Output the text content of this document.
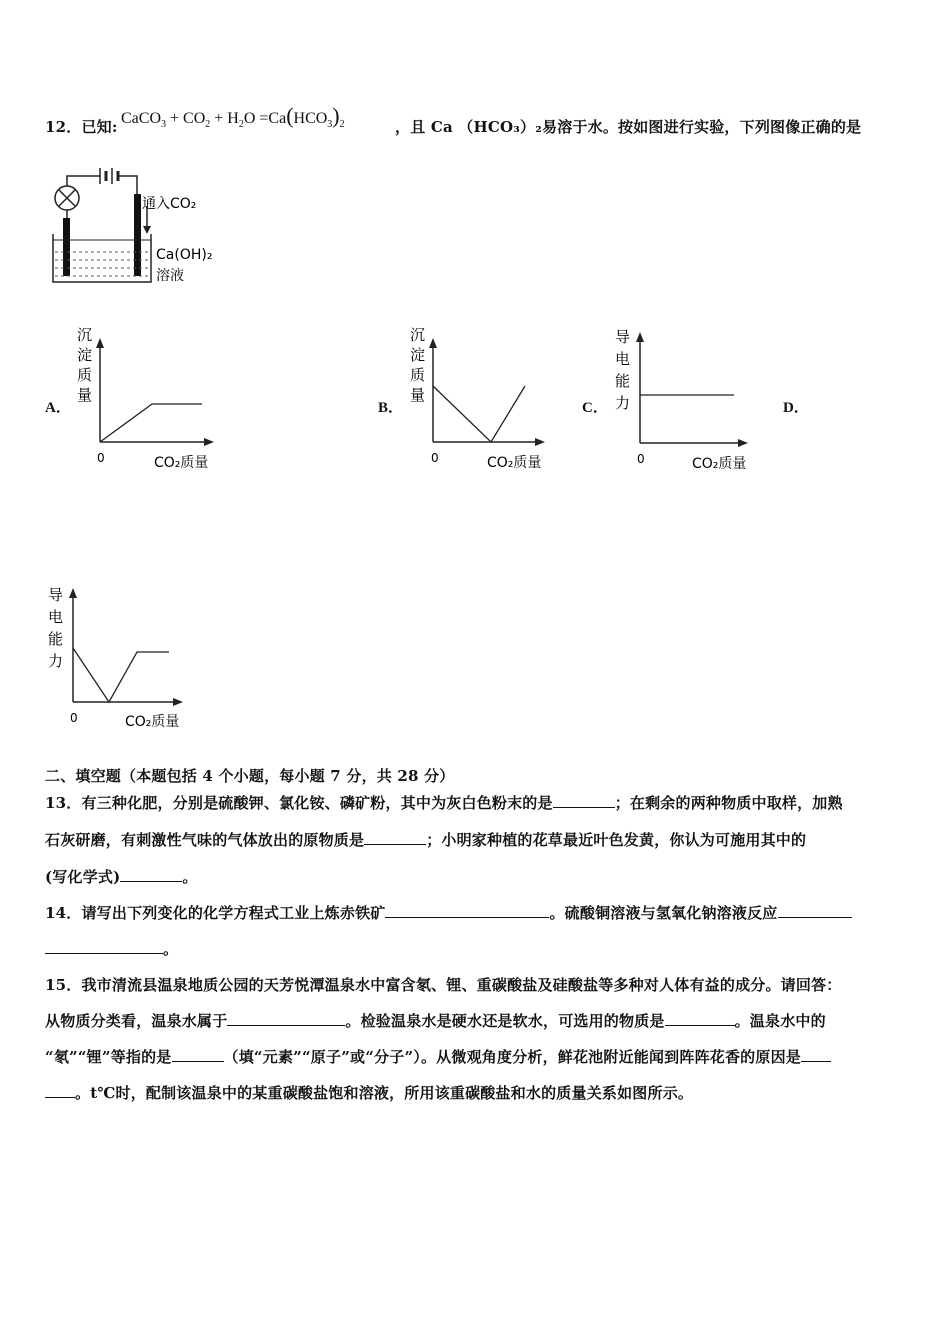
12．已知: CaCO$_3$ + $CO_2 + H_2O =Ca(HCO_3)_2$	，且 Ca （HCO₃）₂易溶于水。按如图进行实验，下列图像正确的是
通入CO₂
Ca(OH)₂
溶液
A．
沉
淀
质
量
0	CO₂质量
B．
沉
淀
质
量
0	CO₂质量
C．
导
电
能
力
0	CO₂质量
D．
导
电
能
力
0	CO₂质量
二、填空题（本题包括 4 个小题，每小题 7 分，共 28 分）
13．有三种化肥，分别是硫酸钾、氯化铵、磷矿粉，其中为灰白色粉末的是	；在剩余的两种物质中取样，加熟
石灰研磨，有刺激性气味的气体放出的原物质是	；小明家种植的花草最近叶色发黄，你认为可施用其中的
(写化学式)	。
14．请写出下列变化的化学方程式工业上炼赤铁矿	。硫酸铜溶液与氢氧化钠溶液反应
。
15．我市清流县温泉地质公园的天芳悦潭温泉水中富含氡、锂、重碳酸盐及硅酸盐等多种对人体有益的成分。请回答：
从物质分类看，温泉水属于	。检验温泉水是硬水还是软水，可选用的物质是	。温泉水中的
“氡”“锂”等指的是	（填“元素”“原子”或“分子”）。从微观角度分析，鲜花池附近能闻到阵阵花香的原因是
。t℃时，配制该温泉中的某重碳酸盐饱和溶液，所用该重碳酸盐和水的质量关系如图所示。
